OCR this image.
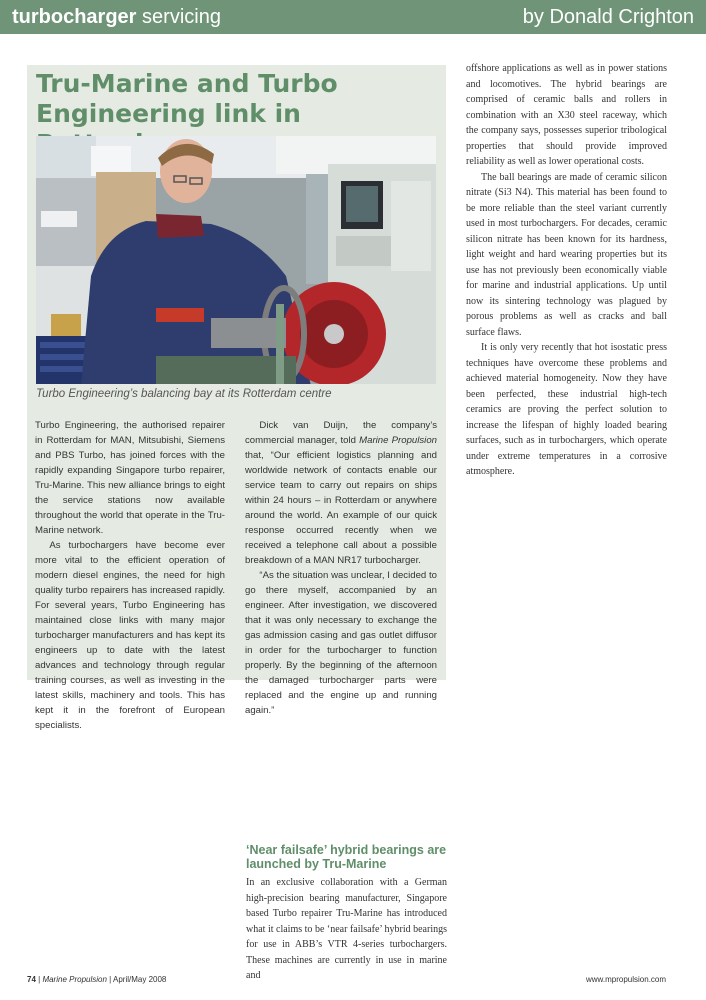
turbocharger servicing	by Donald Crighton
Tru-Marine and Turbo Engineering link in
Turbo Engineering’s balancing bay at its Rotterdam centre

Turbo Engineering, the authorised repairer in Rotterdam for MAN, Mitsubishi, Siemens and PBS Turbo, has joined forces with the rapidly expanding Singapore turbo repairer, Tru-Marine. This new alliance brings to eight the service stations now available throughout the world that operate in the Tru-Marine network.

As turbochargers have become ever more vital to the efficient operation of modern diesel engines, the need for high quality turbo repairers has increased rapidly. For several years, Turbo Engineering has maintained close links with many major turbocharger manufacturers and has kept its engineers up to date with the latest advances and technology through regular training courses, as well as investing in the latest skills, machinery and tools. This has kept it in the forefront of European specialists.

Dick van Duijn, the company’s commercial manager, told Marine Propulsion that, “Our efficient logistics planning and worldwide network of contacts enable our service team to carry out repairs on ships within 24 hours – in Rotterdam or anywhere around the world. An example of our quick response occurred recently when we received a telephone call about a possible breakdown of a MAN NR17 turbocharger.

“As the situation was unclear, I decided to go there myself, accompanied by an engineer. After investigation, we discovered that it was only necessary to exchange the gas admission casing and gas outlet diffusor in order for the turbocharger to function properly. By the beginning of the afternoon the damaged turbocharger parts were replaced and the engine up and running again.”

offshore applications as well as in power stations and locomotives. The hybrid bearings are comprised of ceramic balls and rollers in combination with an X30 steel raceway, which the company says, possesses superior tribological properties that should provide improved reliability as well as lower operational costs.

The ball bearings are made of ceramic silicon nitrate (Si3 N4). This material has been found to be more reliable than the steel variant currently used in most turbochargers. For decades, ceramic silicon nitrate has been known for its hardness, light weight and hard wearing properties but its use has not previously been economically viable for marine and industrial applications. Up until now its sintering technology was plagued by porous problems as well as cracks and ball surface flaws.

It is only very recently that hot isostatic press techniques have overcome these problems and achieved material homogeneity. Now they have been perfected, these industrial high-tech ceramics are proving the perfect solution to increase the lifespan of highly loaded bearing surfaces, such as in turbochargers, which operate under extreme temperatures in a corrosive atmosphere.

‘Near failsafe’ hybrid bearings are launched by Tru-Marine

In an exclusive collaboration with a German high-precision bearing manufacturer, Singapore based Turbo repairer Tru-Marine has introduced what it claims to be ‘near failsafe’ hybrid bearings for use in ABB’s VTR 4-series turbochargers. These machines are currently in use in marine and

74 | Marine Propulsion | April/May 2008	www.mpropulsion.com
